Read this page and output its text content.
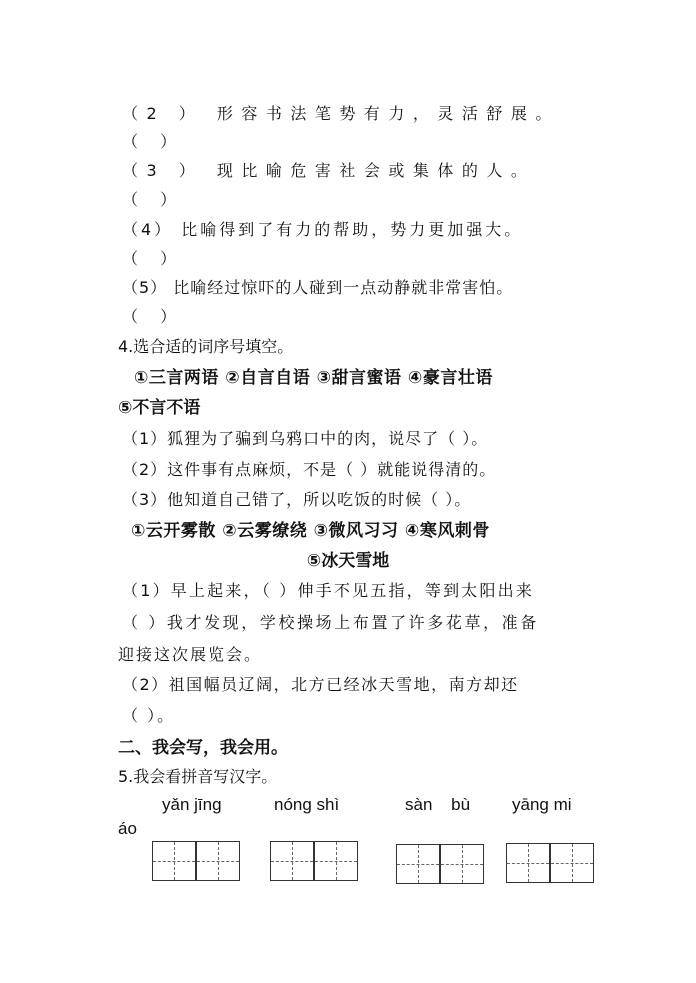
（2 ） 形容书法笔势有力，灵活舒展。
（ ）
（3 ） 现比喻危害社会或集体的人。
（ ）
（4） 比喻得到了有力的帮助，势力更加强大。
（ ）
（5） 比喻经过惊吓的人碰到一点动静就非常害怕。
（ ）
4.选合适的词序号填空。
①三言两语 ②自言自语 ③甜言蜜语 ④豪言壮语
⑤不言不语
（1）狐狸为了骗到乌鸦口中的肉，说尽了（ ）。
（2）这件事有点麻烦，不是（ ）就能说得清的。
（3）他知道自己错了，所以吃饭的时候（ ）。
①云开雾散 ②云雾缭绕 ③微风习习 ④寒风刺骨
⑤冰天雪地
（1）早上起来，（ ）伸手不见五指，等到太阳出来
（ ）我才发现，学校操场上布置了许多花草，准备
迎接这次展览会。
（2）祖国幅员辽阔，北方已经冰天雪地，南方却还
（ ）。
二、我会写，我会用。
5.我会看拼音写汉字。
yǎn jīng	nóng shì	sàn bù yāng mi
áo
